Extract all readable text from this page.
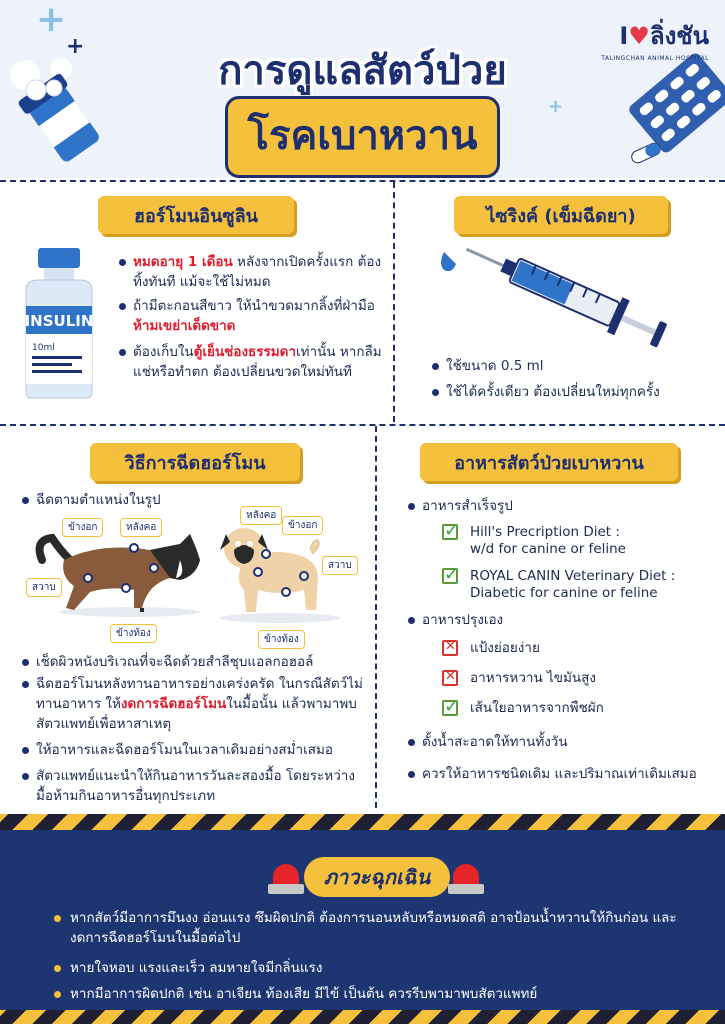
+
+
+
การดูแลสัตว์ป่วย
โรคเบาหวาน
I♥ลิ่งชัน
TALINGCHAN ANIMAL HOSPITAL
ฮอร์โมนอินซูลิน
INSULIN
10ml
หมดอายุ 1 เดือน หลังจากเปิดครั้งแรก ต้องทิ้งทันที แม้จะใช้ไม่หมด
ถ้ามีตะกอนสีขาว ให้นำขวดมากลิ้งที่ฝ่ามือ ห้ามเขย่าเด็ดขาด
ต้องเก็บในตู้เย็นช่องธรรมดาเท่านั้น หากลืมแช่หรือทำตก ต้องเปลี่ยนขวดใหม่ทันที
ไซริงค์ (เข็มฉีดยา)
ใช้ขนาด 0.5 ml
ใช้ได้ครั้งเดียว ต้องเปลี่ยนใหม่ทุกครั้ง
วิธีการฉีดฮอร์โมน
ฉีดตามตำแหน่งในรูป
ข้างอก	หลังคอ
สวาบ
ข้างท้อง
หลังคอ
ข้างอก
สวาบ
ข้างท้อง
เช็ดผิวหนังบริเวณที่จะฉีดด้วยสำลีชุบแอลกอฮอล์
ฉีดฮอร์โมนหลังทานอาหารอย่างเคร่งครัด ในกรณีสัตว์ไม่ทานอาหาร ให้งดการฉีดฮอร์โมนในมื้อนั้น แล้วพามาพบสัตวแพทย์เพื่อหาสาเหตุ
ให้อาหารและฉีดฮอร์โมนในเวลาเดิมอย่างสม่ำเสมอ
สัตวแพทย์แนะนำให้กินอาหารวันละสองมื้อ โดยระหว่างมื้อห้ามกินอาหารอื่นทุกประเภท
อาหารสัตว์ป่วยเบาหวาน
อาหารสำเร็จรูป
✓
Hill's Precription Diet :
w/d for canine or feline
✓
ROYAL CANIN Veterinary Diet :
Diabetic for canine or feline
อาหารปรุงเอง
✕
แป้งย่อยง่าย
✕
อาหารหวาน ไขมันสูง
✓
เส้นใยอาหารจากพืชผัก
ตั้งน้ำสะอาดให้ทานทั้งวัน
ควรให้อาหารชนิดเดิม และปริมาณเท่าเดิมเสมอ
ภาวะฉุกเฉิน
หากสัตว์มีอาการมึนงง อ่อนแรง ซึมผิดปกติ ต้องการนอนหลับหรือหมดสติ อาจป้อนน้ำหวานให้กินก่อน และงดการฉีดฮอร์โมนในมื้อต่อไป
หายใจหอบ แรงและเร็ว ลมหายใจมีกลิ่นแรง
หากมีอาการผิดปกติ เช่น อาเจียน ท้องเสีย มีไข้ เป็นต้น ควรรีบพามาพบสัตวแพทย์
